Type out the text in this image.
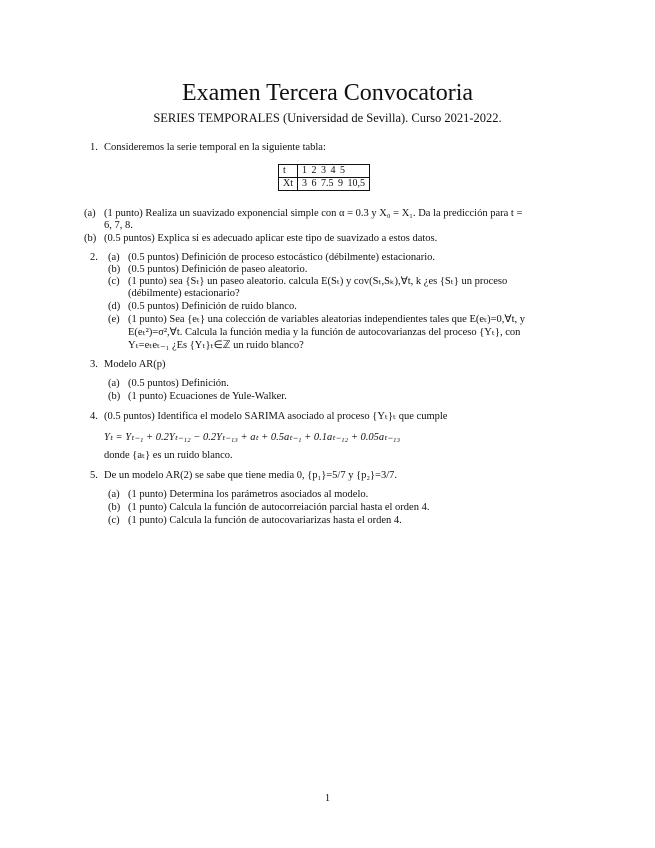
Examen Tercera Convocatoria
SERIES TEMPORALES (Universidad de Sevilla). Curso 2021-2022.
1. Consideremos la serie temporal en la siguiente tabla:
t	1 2 3 4 5
Xt	3 6 7.5 9 10,5
(a) (1 punto) Realiza un suavizado exponencial simple con α = 0.3 y X₀ = X₁. Da la predicción para t =
6, 7, 8.
(b) (0.5 puntos) Explica si es adecuado aplicar este tipo de suavizado a estos datos.
2. (a) (0.5 puntos) Definición de proceso estocástico (débilmente) estacionario.
(b) (0.5 puntos) Definición de paseo aleatorio.
(c) (1 punto) sea {Sₜ} un paseo aleatorio. calcula E(Sₜ) y cov(Sₜ,Sₖ),∀t, k ¿es {Sₜ} un proceso
(débilmente) estacionario?
(d) (0.5 puntos) Definición de ruido blanco.
(e) (1 punto) Sea {eₜ} una colección de variables aleatorias independientes tales que E(eₜ)=0,∀t, y
E(eₜ²)=σ²,∀t. Calcula la función media y la función de autocovarianzas del proceso {Yₜ}, con
Yₜ=eₜeₜ₋₁ ¿Es {Yₜ}ₜ∈ℤ un ruido blanco?
3. Modelo AR(p)
(a) (0.5 puntos) Definición.
(b) (1 punto) Ecuaciones de Yule-Walker.
4. (0.5 puntos) Identifica el modelo SARIMA asociado al proceso {Yₜ}ₜ que cumple
Yₜ = Yₜ₋₁ + 0.2Yₜ₋₁₂ − 0.2Yₜ₋₁₃ + aₜ + 0.5aₜ₋₁ + 0.1aₜ₋₁₂ + 0.05aₜ₋₁₃
donde {aₜ} es un ruido blanco.
5. De un modelo AR(2) se sabe que tiene media 0, {p₁}=5/7 y {p₂}=3/7.
(a) (1 punto) Determina los parámetros asociados al modelo.
(b) (1 punto) Calcula la función de autocorreiación parcial hasta el orden 4.
(c) (1 punto) Calcula la función de autocovariarizas hasta el orden 4.
1
